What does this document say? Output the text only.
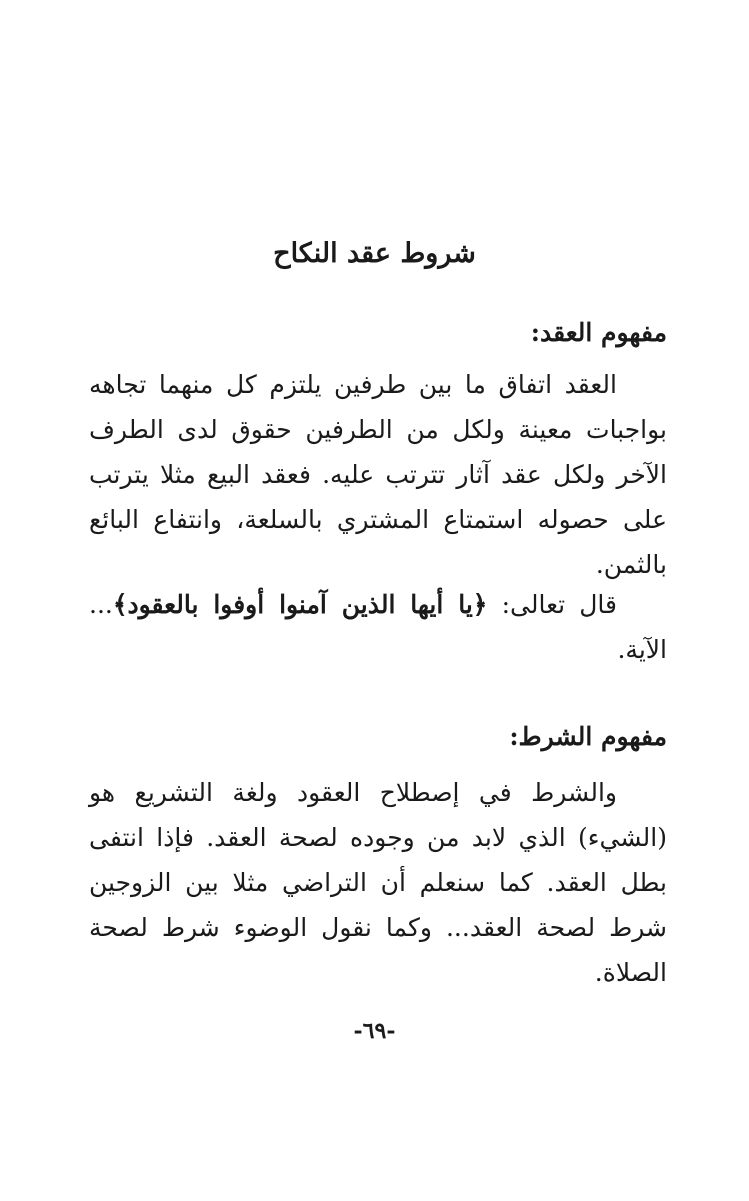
شروط عقد النكاح
مفهوم العقد:

العقد اتفاق ما بين طرفين يلتزم كل منهما تجاهه بواجبات معينة ولكل من الطرفين حقوق لدى الطرف الآخر ولكل عقد آثار تترتب عليه. فعقد البيع مثلا يترتب على حصوله استمتاع المشتري بالسلعة، وانتفاع البائع بالثمن.

قال تعالى: ﴿يا أيها الذين آمنوا أوفوا بالعقود﴾... الآية.

مفهوم الشرط:

والشرط في إصطلاح العقود ولغة التشريع هو (الشيء) الذي لابد من وجوده لصحة العقد. فإذا انتفى بطل العقد. كما سنعلم أن التراضي مثلا بين الزوجين شرط لصحة العقد... وكما نقول الوضوء شرط لصحة الصلاة.

-٦٩-
